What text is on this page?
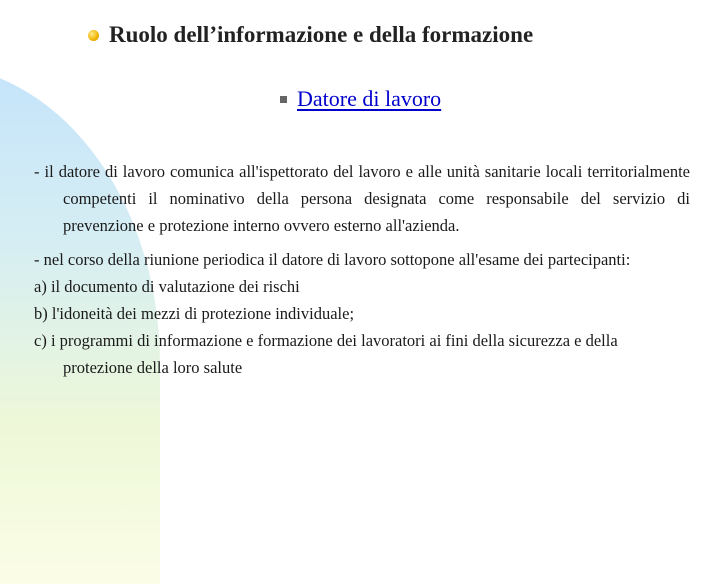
Ruolo dell’informazione e della formazione
Datore di lavoro

- il datore di lavoro comunica all'ispettorato del lavoro e alle unità sanitarie locali territorialmente competenti il nominativo della persona designata come responsabile del servizio di prevenzione e protezione interno ovvero esterno all'azienda.

- nel corso della riunione periodica il datore di lavoro sottopone all'esame dei partecipanti:

a) il documento di valutazione dei rischi

b) l'idoneità dei mezzi di protezione individuale;

c) i programmi di informazione e formazione dei lavoratori ai fini della sicurezza e della protezione della loro salute
